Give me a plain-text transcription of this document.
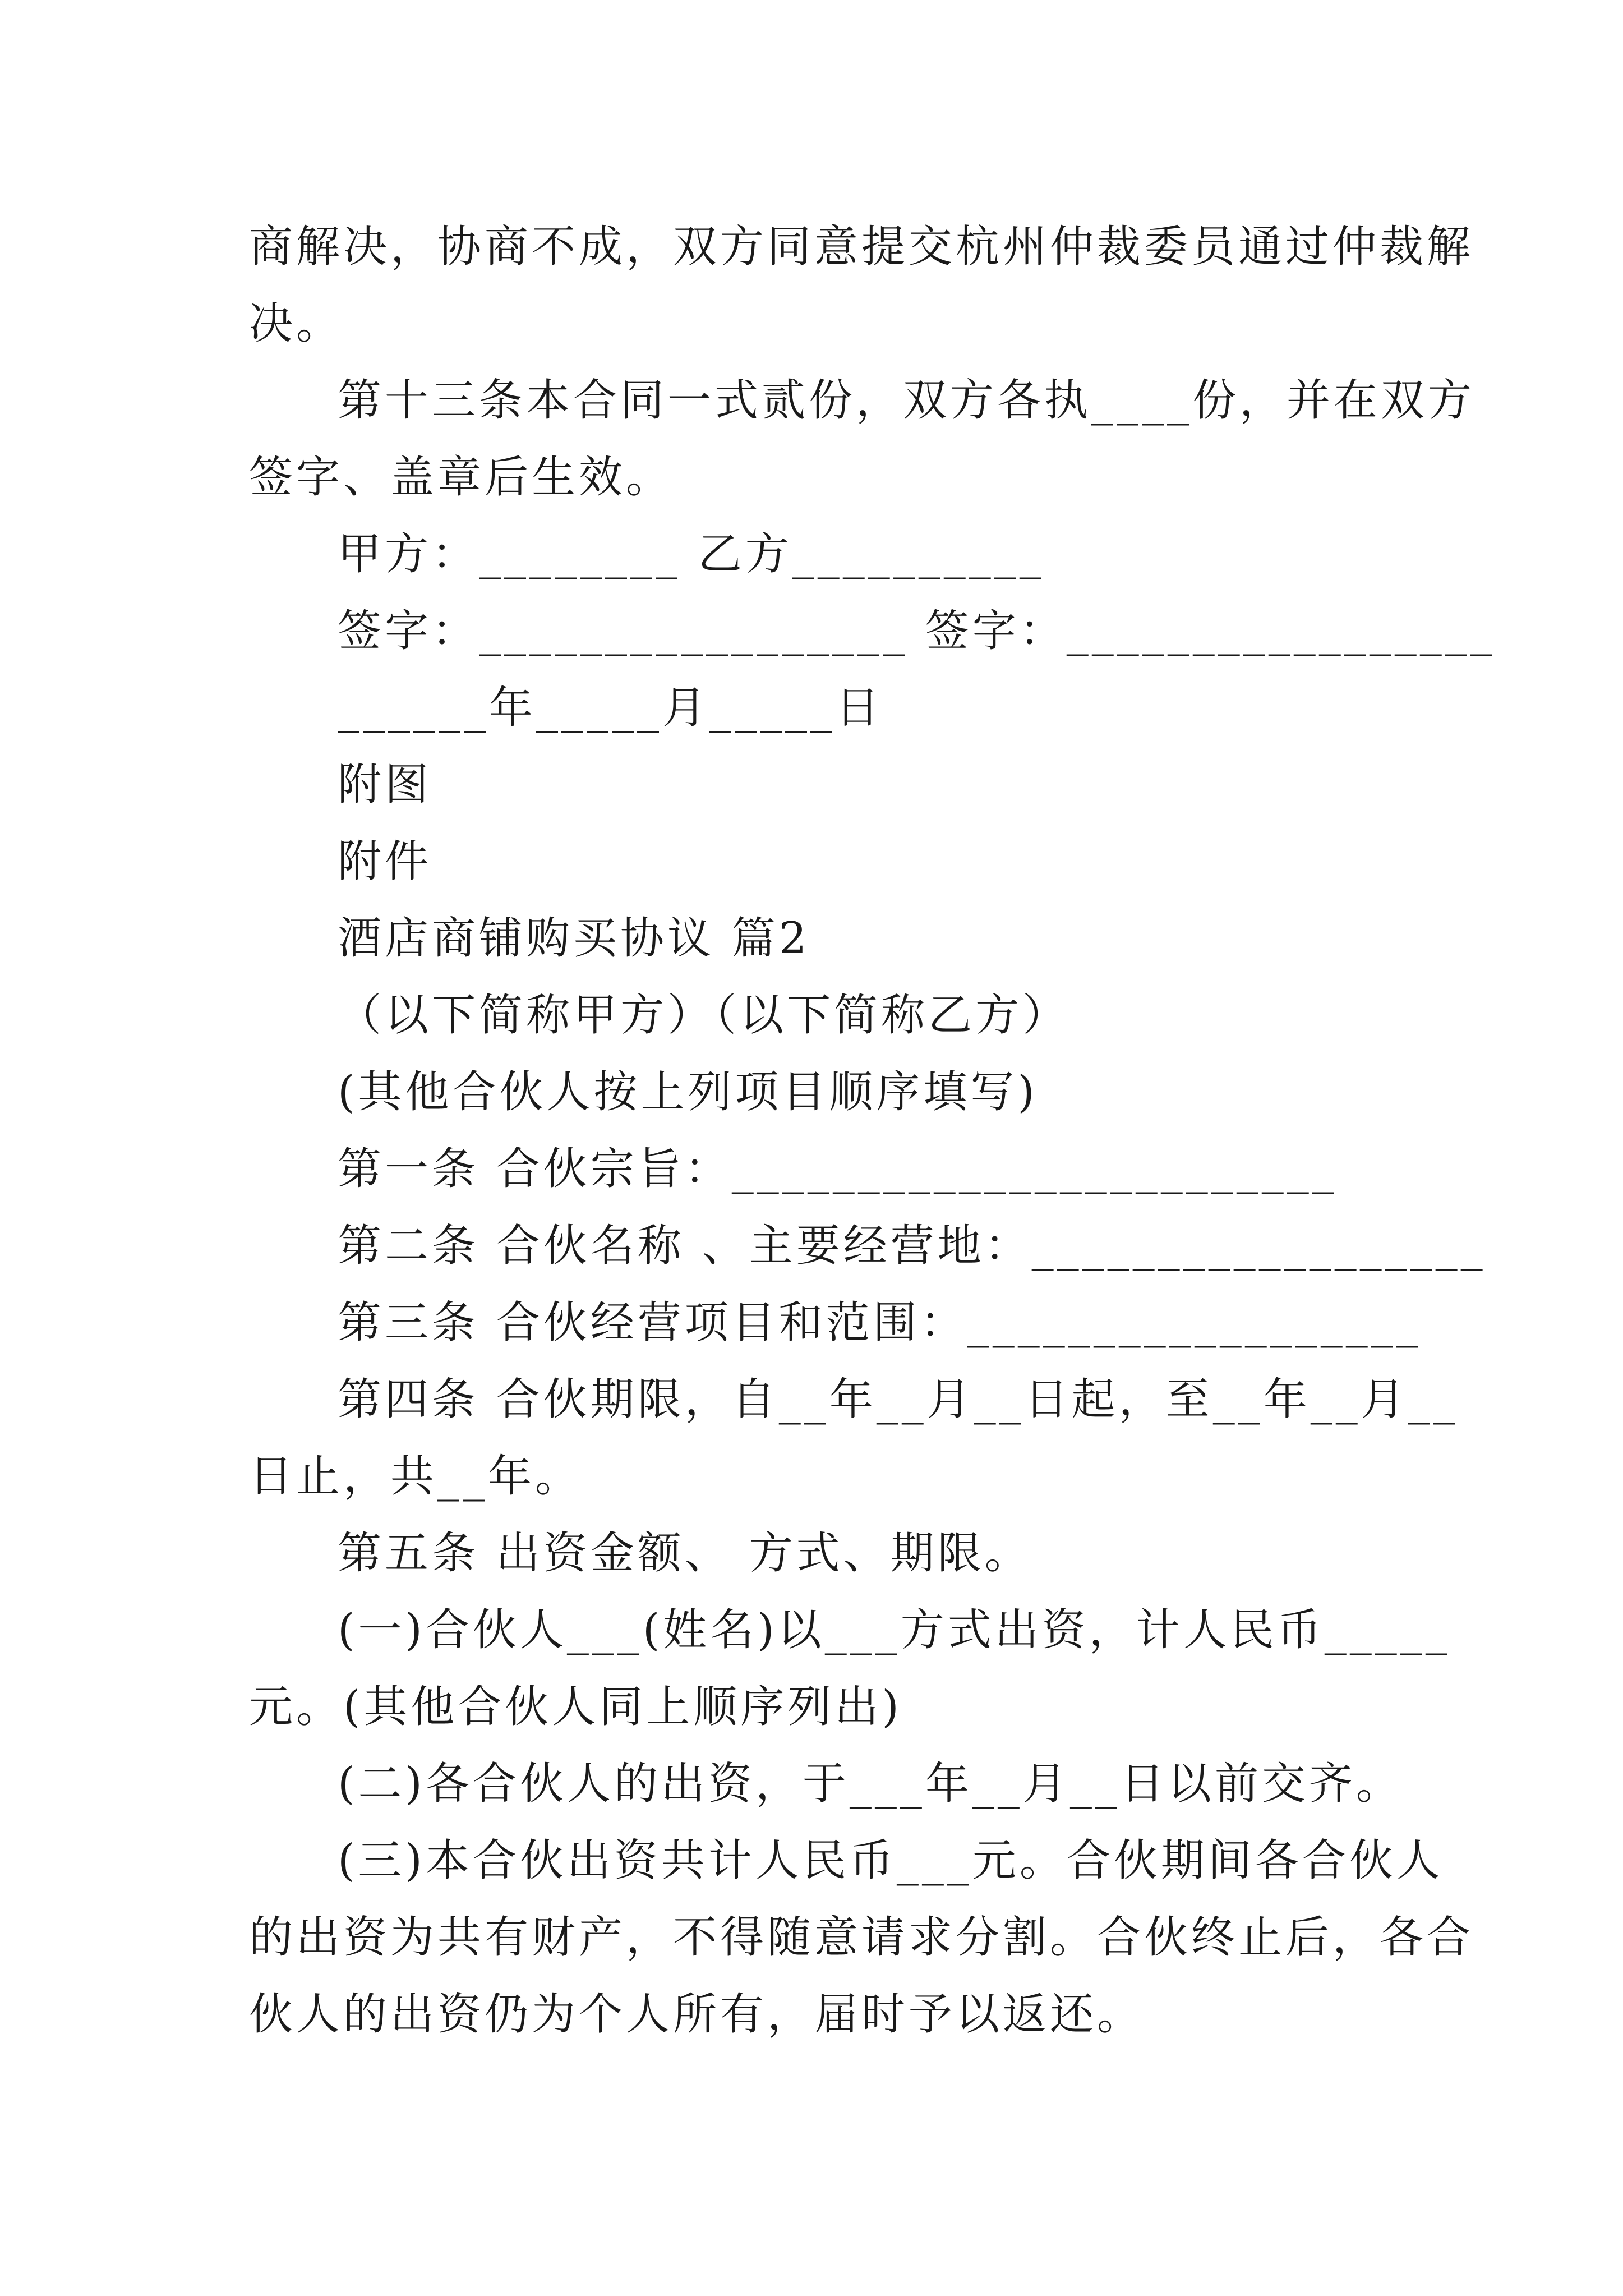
商解决，协商不成，双方同意提交杭州仲裁委员通过仲裁解
决。
第十三条本合同一式贰份，双方各执____份，并在双方
签字、盖章后生效。
甲方：________ 乙方__________
签字：_________________ 签字：_________________
______年_____月_____日
附图
附件
酒店商铺购买协议 篇2
（以下简称甲方）（以下简称乙方）
(其他合伙人按上列项目顺序填写)
第一条 合伙宗旨：________________________
第二条 合伙名称 、主要经营地：__________________
第三条 合伙经营项目和范围：__________________
第四条 合伙期限，自__年__月__日起，至__年__月__
日止，共__年。
第五条 出资金额、 方式、期限。
(一)合伙人___(姓名)以___方式出资，计人民币_____
元。(其他合伙人同上顺序列出)
(二)各合伙人的出资，于___年__月__日以前交齐。
(三)本合伙出资共计人民币___元。合伙期间各合伙人
的出资为共有财产，不得随意请求分割。合伙终止后，各合
伙人的出资仍为个人所有，届时予以返还。
